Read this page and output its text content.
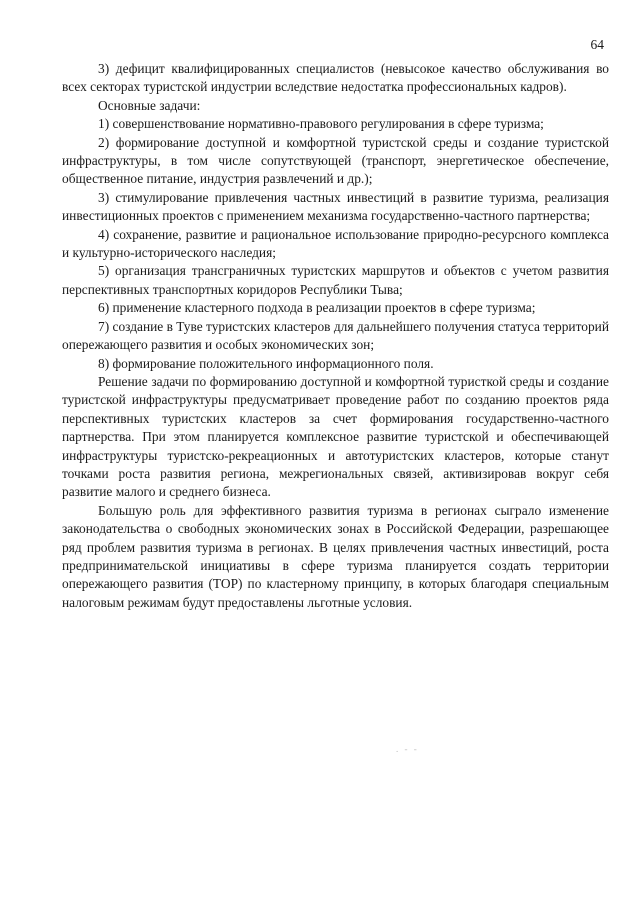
64

3) дефицит квалифицированных специалистов (невысокое качество обслуживания во всех секторах туристской индустрии вследствие недостатка профессиональных кадров).

Основные задачи:

1) совершенствование нормативно-правового регулирования в сфере туризма;

2) формирование доступной и комфортной туристской среды и создание туристской инфраструктуры, в том числе сопутствующей (транспорт, энергетическое обеспечение, общественное питание, индустрия развлечений и др.);

3) стимулирование привлечения частных инвестиций в развитие туризма, реализация инвестиционных проектов с применением механизма государственно-частного партнерства;

4) сохранение, развитие и рациональное использование природно-ресурсного комплекса и культурно-исторического наследия;

5) организация трансграничных туристских маршрутов и объектов с учетом развития перспективных транспортных коридоров Республики Тыва;

6) применение кластерного подхода в реализации проектов в сфере туризма;

7) создание в Туве туристских кластеров для дальнейшего получения статуса территорий опережающего развития и особых экономических зон;

8) формирование положительного информационного поля.

Решение задачи по формированию доступной и комфортной туристкой среды и создание туристской инфраструктуры предусматривает проведение работ по созданию проектов ряда перспективных туристских кластеров за счет формирования государственно-частного партнерства. При этом планируется комплексное развитие туристской и обеспечивающей инфраструктуры туристско-рекреационных и автотуристских кластеров, которые станут точками роста развития региона, межрегиональных связей, активизировав вокруг себя развитие малого и среднего бизнеса.

Большую роль для эффективного развития туризма в регионах сыграло изменение законодательства о свободных экономических зонах в Российской Федерации, разрешающее ряд проблем развития туризма в регионах. В целях привлечения частных инвестиций, роста предпринимательской инициативы в сфере туризма планируется создать территории опережающего развития (ТОР) по кластерному принципу, в которых благодаря специальным налоговым режимам будут предоставлены льготные условия.

. - -
